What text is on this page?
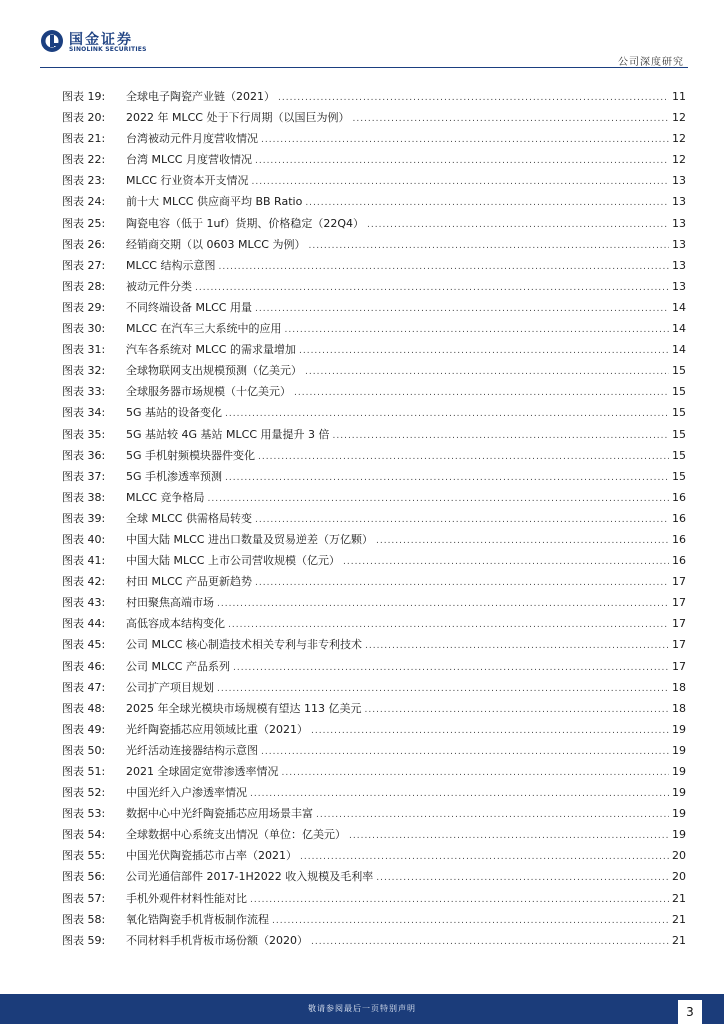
国金证券
SINOLINK SECURITIES
公司深度研究
图表 19:	全球电子陶瓷产业链（2021） .....	11
图表 20:	2022 年 MLCC 处于下行周期（以国巨为例） .....	12
图表 21:	台湾被动元件月度营收情况 .....	12
图表 22:	台湾 MLCC 月度营收情况 .....	12
图表 23:	MLCC 行业资本开支情况 .....	13
图表 24:	前十大 MLCC 供应商平均 BB Ratio .....	13
图表 25:	陶瓷电容（低于 1uf）货期、价格稳定（22Q4） .....	13
图表 26:	经销商交期（以 0603 MLCC 为例） .....	13
图表 27:	MLCC 结构示意图 .....	13
图表 28:	被动元件分类 .....	13
图表 29:	不同终端设备 MLCC 用量 .....	14
图表 30:	MLCC 在汽车三大系统中的应用 .....	14
图表 31:	汽车各系统对 MLCC 的需求量增加 .....	14
图表 32:	全球物联网支出规模预测（亿美元） .....	15
图表 33:	全球服务器市场规模（十亿美元） .....	15
图表 34:	5G 基站的设备变化 .....	15
图表 35:	5G 基站较 4G 基站 MLCC 用量提升 3 倍 .....	15
图表 36:	5G 手机射频模块器件变化 .....	15
图表 37:	5G 手机渗透率预测 .....	15
图表 38:	MLCC 竞争格局 .....	16
图表 39:	全球 MLCC 供需格局转变 .....	16
图表 40:	中国大陆 MLCC 进出口数量及贸易逆差（万亿颗） .....	16
图表 41:	中国大陆 MLCC 上市公司营收规模（亿元） .....	16
图表 42:	村田 MLCC 产品更新趋势 .....	17
图表 43:	村田聚焦高端市场 .....	17
图表 44:	高低容成本结构变化 .....	17
图表 45:	公司 MLCC 核心制造技术相关专利与非专利技术 .....	17
图表 46:	公司 MLCC 产品系列 .....	17
图表 47:	公司扩产项目规划 .....	18
图表 48:	2025 年全球光模块市场规模有望达 113 亿美元 .....	18
图表 49:	光纤陶瓷插芯应用领域比重（2021） .....	19
图表 50:	光纤活动连接器结构示意图 .....	19
图表 51:	2021 全球固定宽带渗透率情况 .....	19
图表 52:	中国光纤入户渗透率情况 .....	19
图表 53:	数据中心中光纤陶瓷插芯应用场景丰富 .....	19
图表 54:	全球数据中心系统支出情况（单位：亿美元） .....	19
图表 55:	中国光伏陶瓷插芯市占率（2021） .....	20
图表 56:	公司光通信部件 2017-1H2022 收入规模及毛利率 .....	20
图表 57:	手机外观件材料性能对比 .....	21
图表 58:	氧化锆陶瓷手机背板制作流程 .....	21
图表 59:	不同材料手机背板市场份额（2020） .....	21
敬请参阅最后一页特别声明	3
